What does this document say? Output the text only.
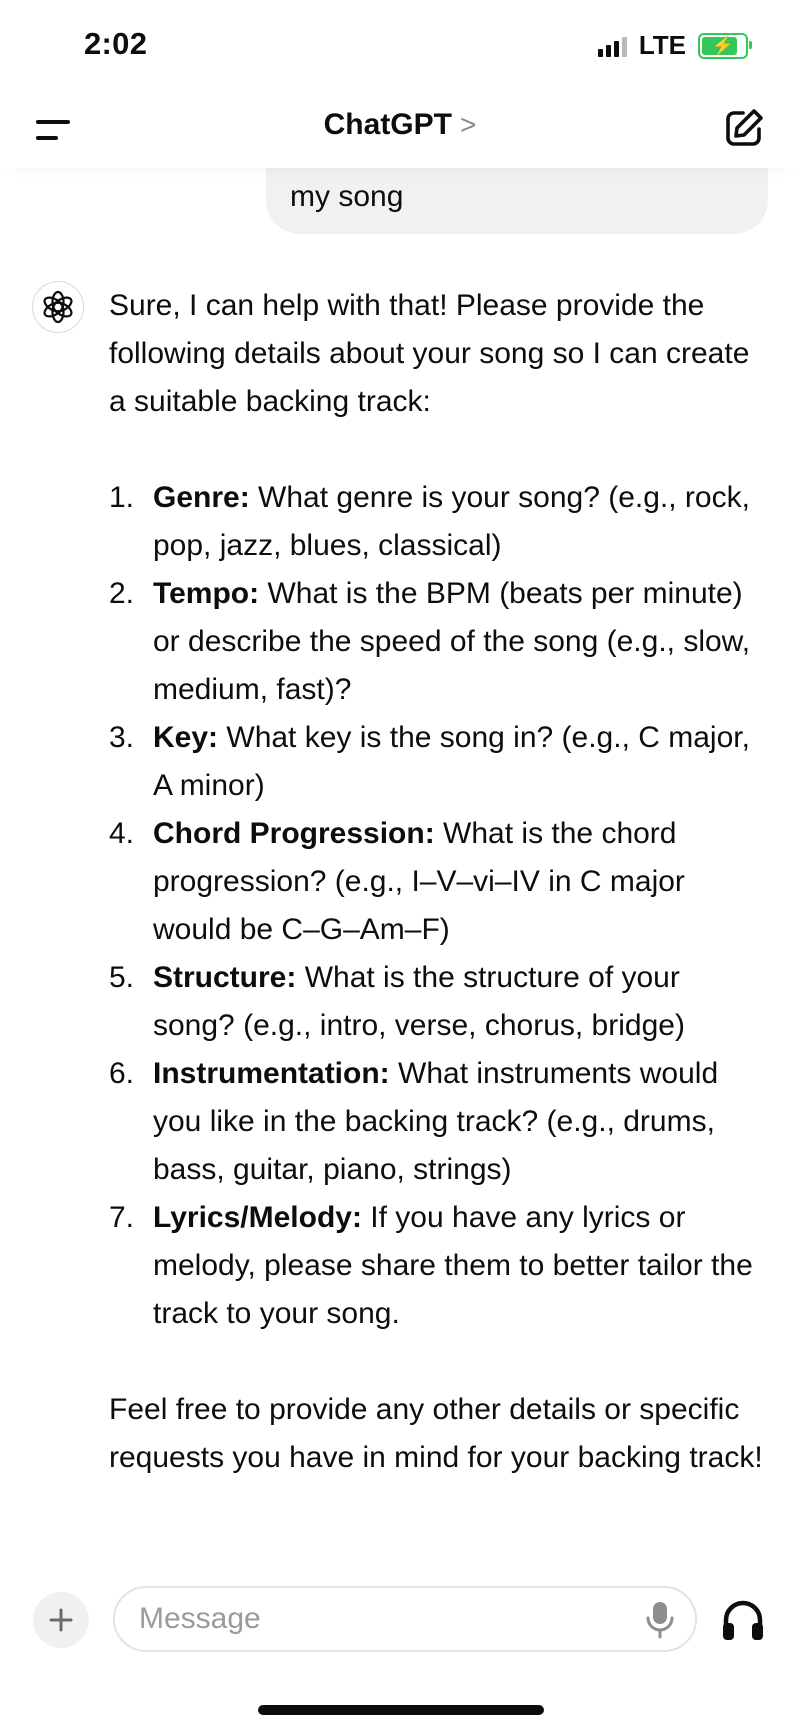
2:02	LTE ⚡
ChatGPT >
my song

Sure, I can help with that! Please provide the following details about your song so I can create a suitable backing track:

1. Genre: What genre is your song? (e.g., rock, pop, jazz, blues, classical)
2. Tempo: What is the BPM (beats per minute) or describe the speed of the song (e.g., slow, medium, fast)?
3. Key: What key is the song in? (e.g., C major, A minor)
4. Chord Progression: What is the chord progression? (e.g., I–V–vi–IV in C major would be C–G–Am–F)
5. Structure: What is the structure of your song? (e.g., intro, verse, chorus, bridge)
6. Instrumentation: What instruments would you like in the backing track? (e.g., drums, bass, guitar, piano, strings)
7. Lyrics/Melody: If you have any lyrics or melody, please share them to better tailor the track to your song.

Feel free to provide any other details or specific requests you have in mind for your backing track!

Message
